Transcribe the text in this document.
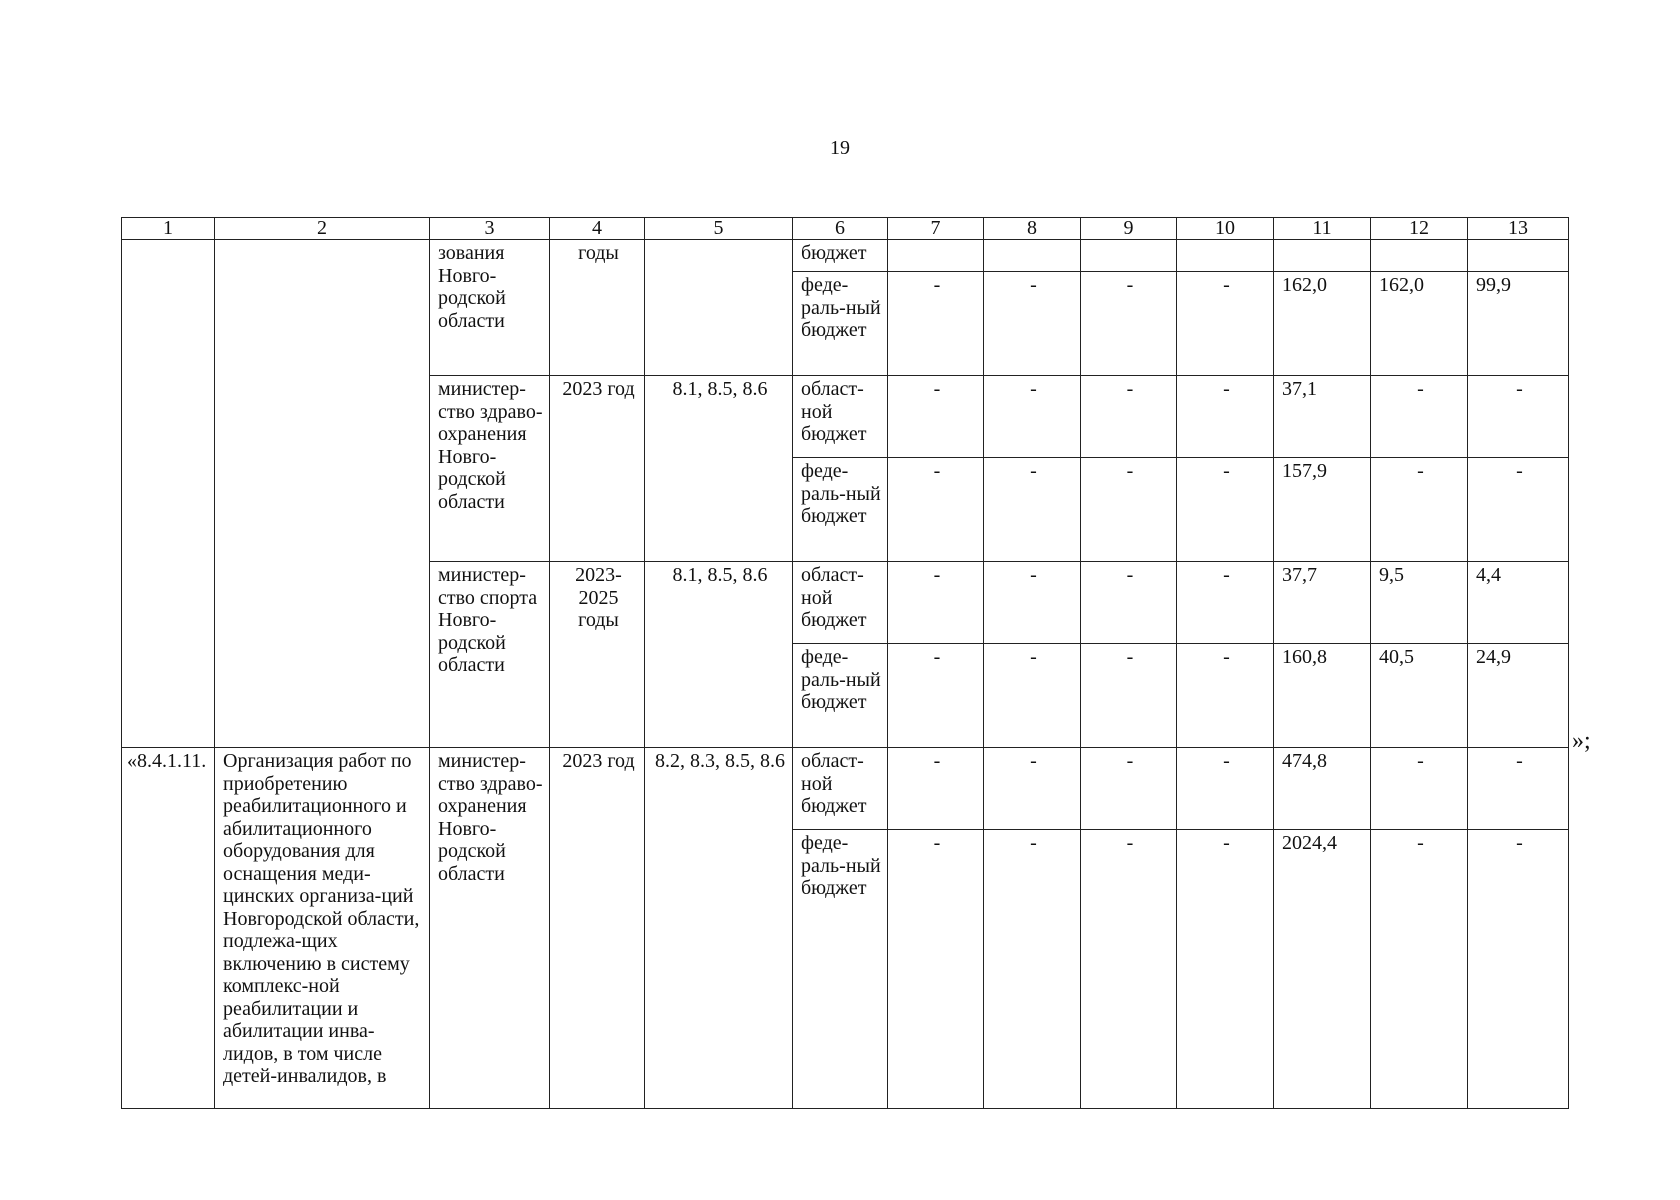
19
1	2	3	4	5	6	7	8	9	10	11	12	13
		зования Новго-родской области	годы		бюджет							
					феде-раль-ный бюджет	-	-	-	-	162,0	162,0	99,9
		министер-ство здраво-охранения Новго-родской области	2023 год	8.1, 8.5, 8.6	област-ной бюджет	-	-	-	-	37,1	-	-
					феде-раль-ный бюджет	-	-	-	-	157,9	-	-
		министер-ство спорта Новго-родской области	2023-2025 годы	8.1, 8.5, 8.6	област-ной бюджет	-	-	-	-	37,7	9,5	4,4
					феде-раль-ный бюджет	-	-	-	-	160,8	40,5	24,9
«8.4.1.11.	Организация работ по приобретению реабилитационного и абилитационного оборудования для оснащения меди-цинских организа-ций Новгородской области, подлежа-щих включению в систему комплекс-ной реабилитации и абилитации инва-лидов, в том числе детей-инвалидов, в	министер-ство здраво-охранения Новго-родской области	2023 год	8.2, 8.3, 8.5, 8.6	област-ной бюджет	-	-	-	-	474,8	-	-
					феде-раль-ный бюджет	-	-	-	-	2024,4	-	-
»;
